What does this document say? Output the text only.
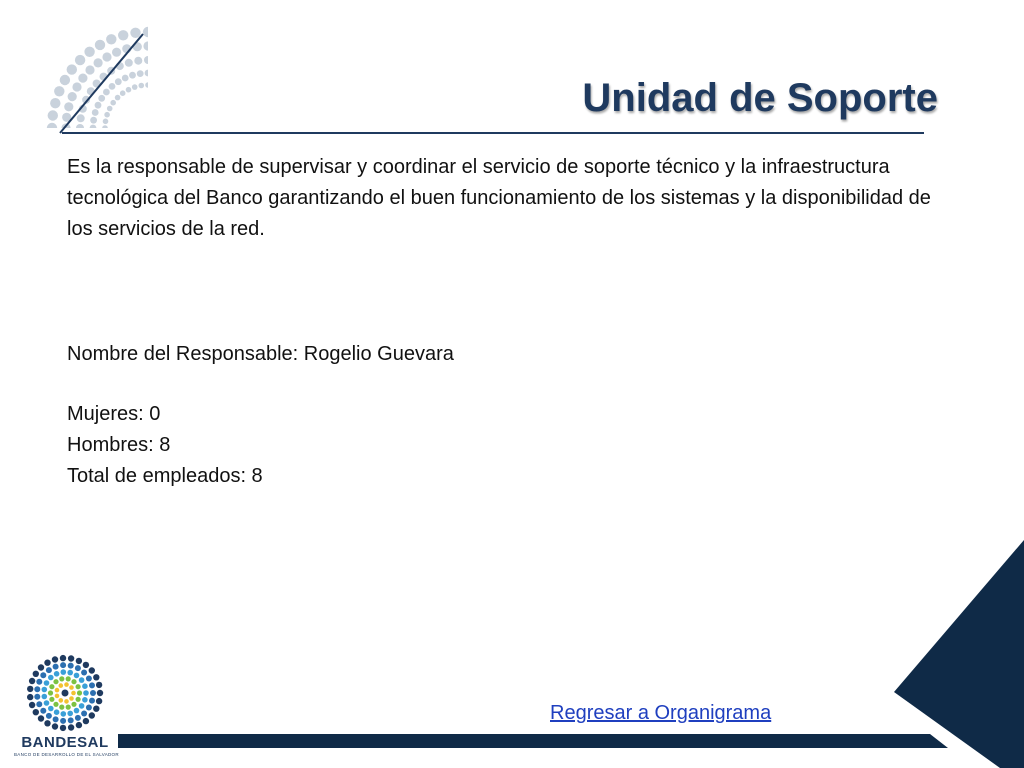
Unidad de Soporte

Es la responsable de supervisar y coordinar el servicio de soporte técnico y la infraestructura tecnológica del Banco garantizando el buen funcionamiento de los sistemas y la disponibilidad de los servicios de la red.

Nombre del Responsable: Rogelio Guevara

Mujeres: 0

Hombres: 8

Total de empleados: 8

Regresar a Organigrama
BANDESAL
BANCO DE DESARROLLO DE EL SALVADOR
